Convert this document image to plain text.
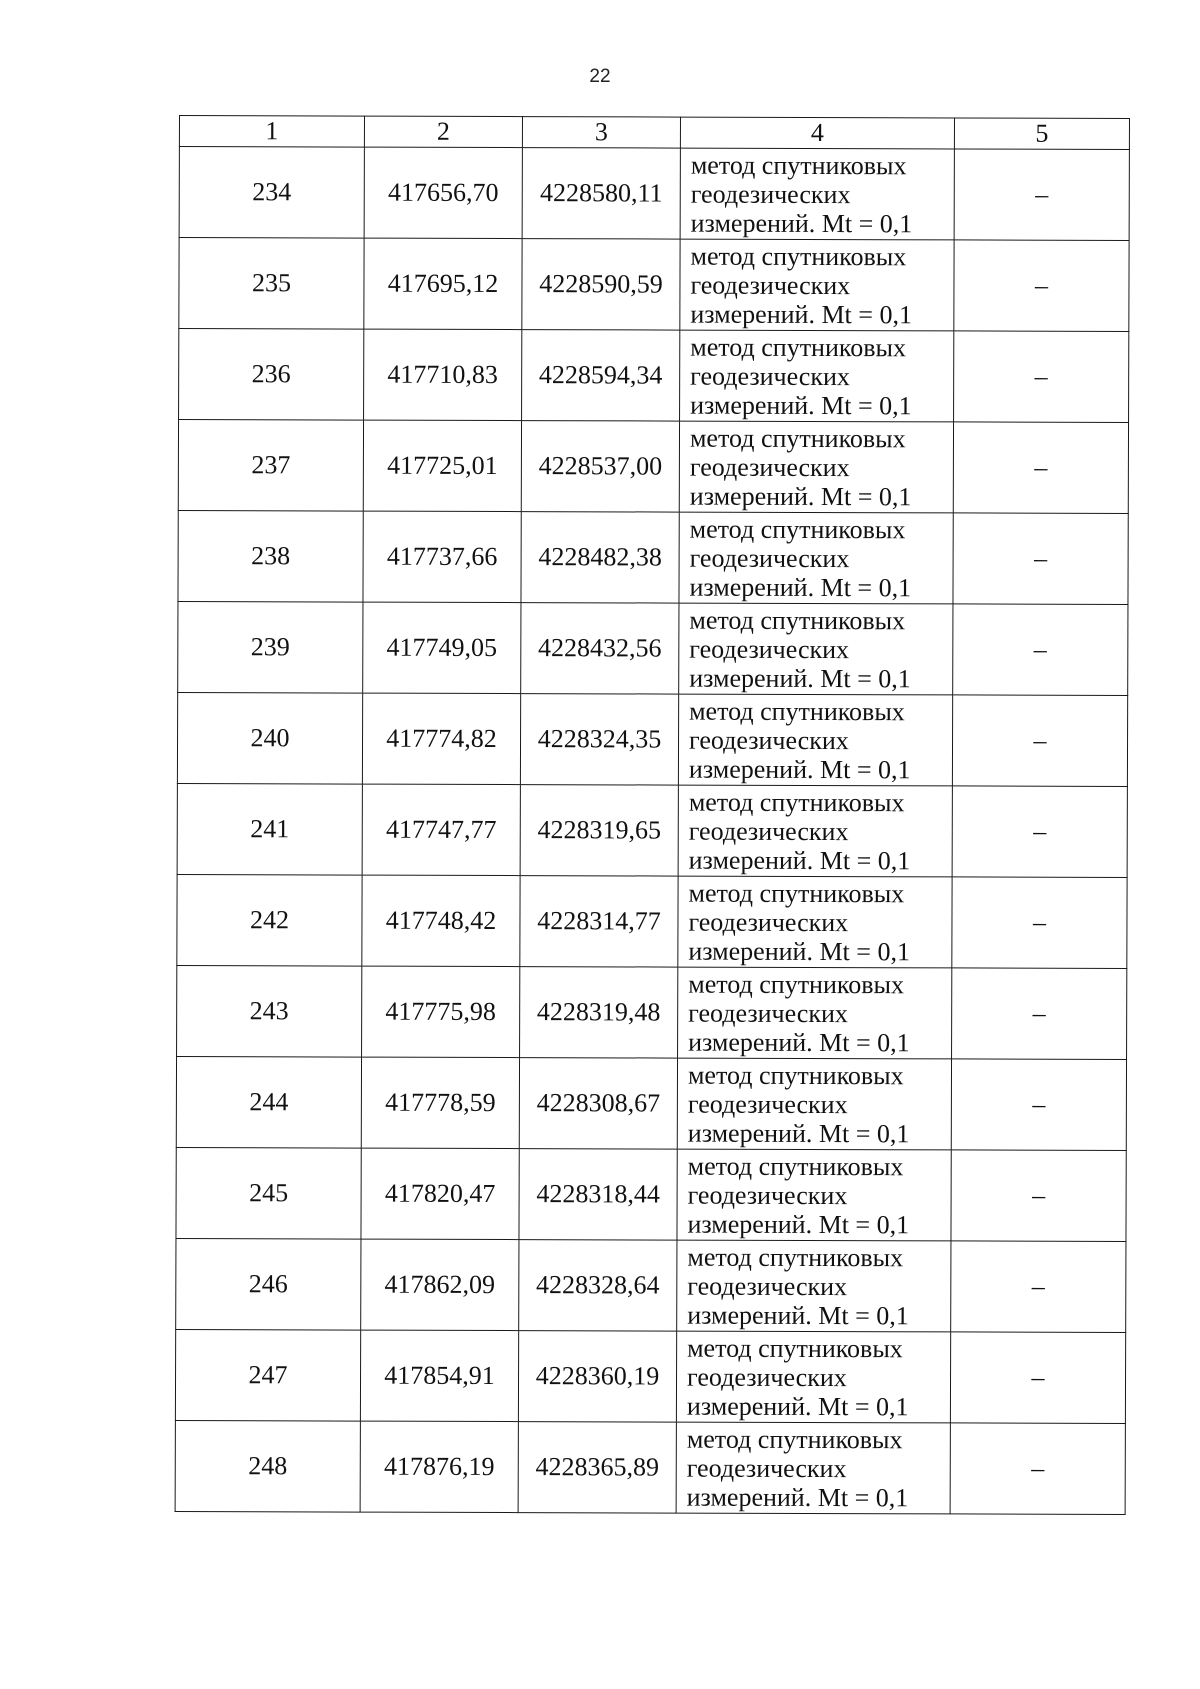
22
1	2	3	4	5
234	417656,70	4228580,11	метод спутниковых
геодезических
измерений. Mt = 0,1	–
235	417695,12	4228590,59	метод спутниковых
геодезических
измерений. Mt = 0,1	–
236	417710,83	4228594,34	метод спутниковых
геодезических
измерений. Mt = 0,1	–
237	417725,01	4228537,00	метод спутниковых
геодезических
измерений. Mt = 0,1	–
238	417737,66	4228482,38	метод спутниковых
геодезических
измерений. Mt = 0,1	–
239	417749,05	4228432,56	метод спутниковых
геодезических
измерений. Mt = 0,1	–
240	417774,82	4228324,35	метод спутниковых
геодезических
измерений. Mt = 0,1	–
241	417747,77	4228319,65	метод спутниковых
геодезических
измерений. Mt = 0,1	–
242	417748,42	4228314,77	метод спутниковых
геодезических
измерений. Mt = 0,1	–
243	417775,98	4228319,48	метод спутниковых
геодезических
измерений. Mt = 0,1	–
244	417778,59	4228308,67	метод спутниковых
геодезических
измерений. Mt = 0,1	–
245	417820,47	4228318,44	метод спутниковых
геодезических
измерений. Mt = 0,1	–
246	417862,09	4228328,64	метод спутниковых
геодезических
измерений. Mt = 0,1	–
247	417854,91	4228360,19	метод спутниковых
геодезических
измерений. Mt = 0,1	–
248	417876,19	4228365,89	метод спутниковых
геодезических
измерений. Mt = 0,1	–
